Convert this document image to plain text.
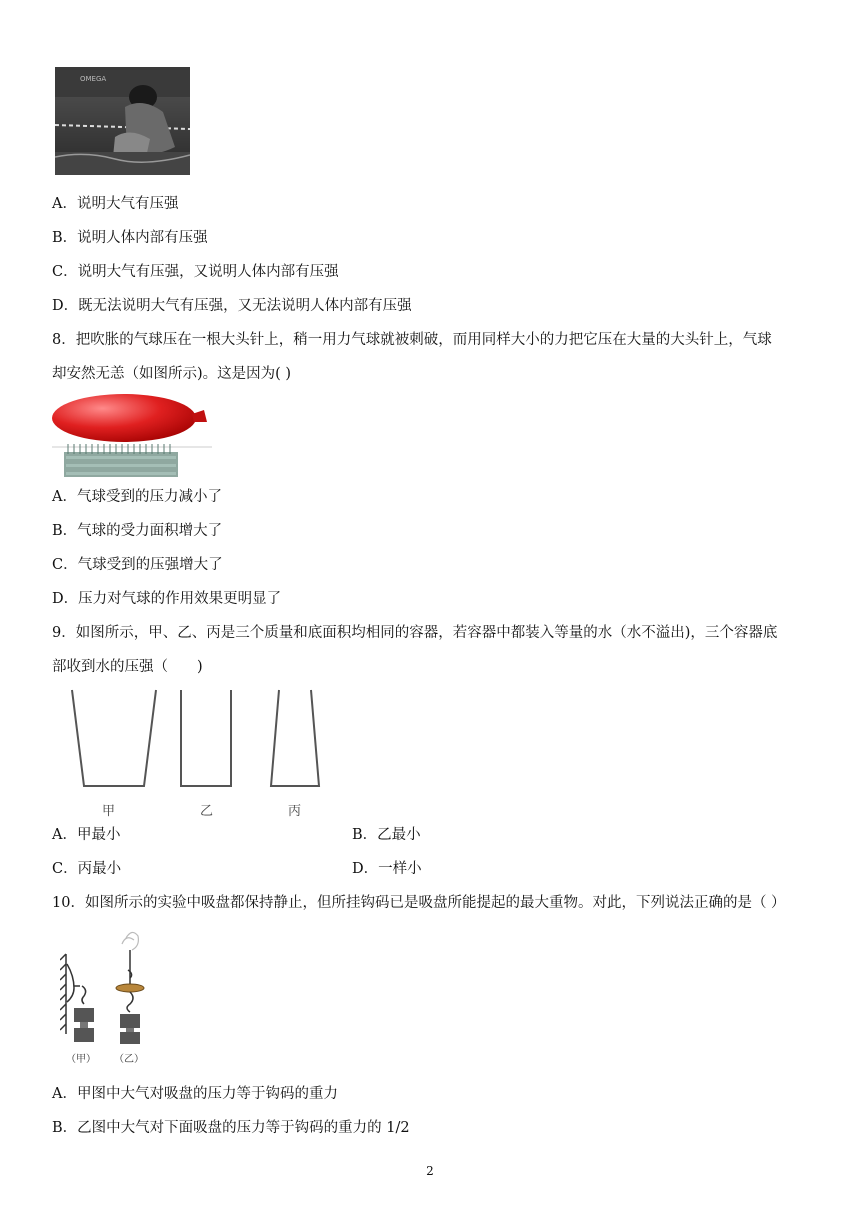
OMEGA
A．说明大气有压强
B．说明人体内部有压强
C．说明大气有压强，又说明人体内部有压强
D．既无法说明大气有压强，又无法说明人体内部有压强
8．把吹胀的气球压在一根大头针上，稍一用力气球就被刺破，而用同样大小的力把它压在大量的大头针上，气球
却安然无恙（如图所示)。这是因为( )
A．气球受到的压力减小了
B．气球的受力面积增大了
C．气球受到的压强增大了
D．压力对气球的作用效果更明显了
9．如图所示，甲、乙、丙是三个质量和底面积均相同的容器，若容器中都装入等量的水（水不溢出)，三个容器底
部收到水的压强（　　)
甲	乙	丙
A．甲最小	B．乙最小
C．丙最小	D．一样小
10．如图所示的实验中吸盘都保持静止，但所挂钩码已是吸盘所能提起的最大重物。对此，下列说法正确的是（ ）
（甲） （乙）
A．甲图中大气对吸盘的压力等于钩码的重力
B．乙图中大气对下面吸盘的压力等于钩码的重力的 1/2
2
